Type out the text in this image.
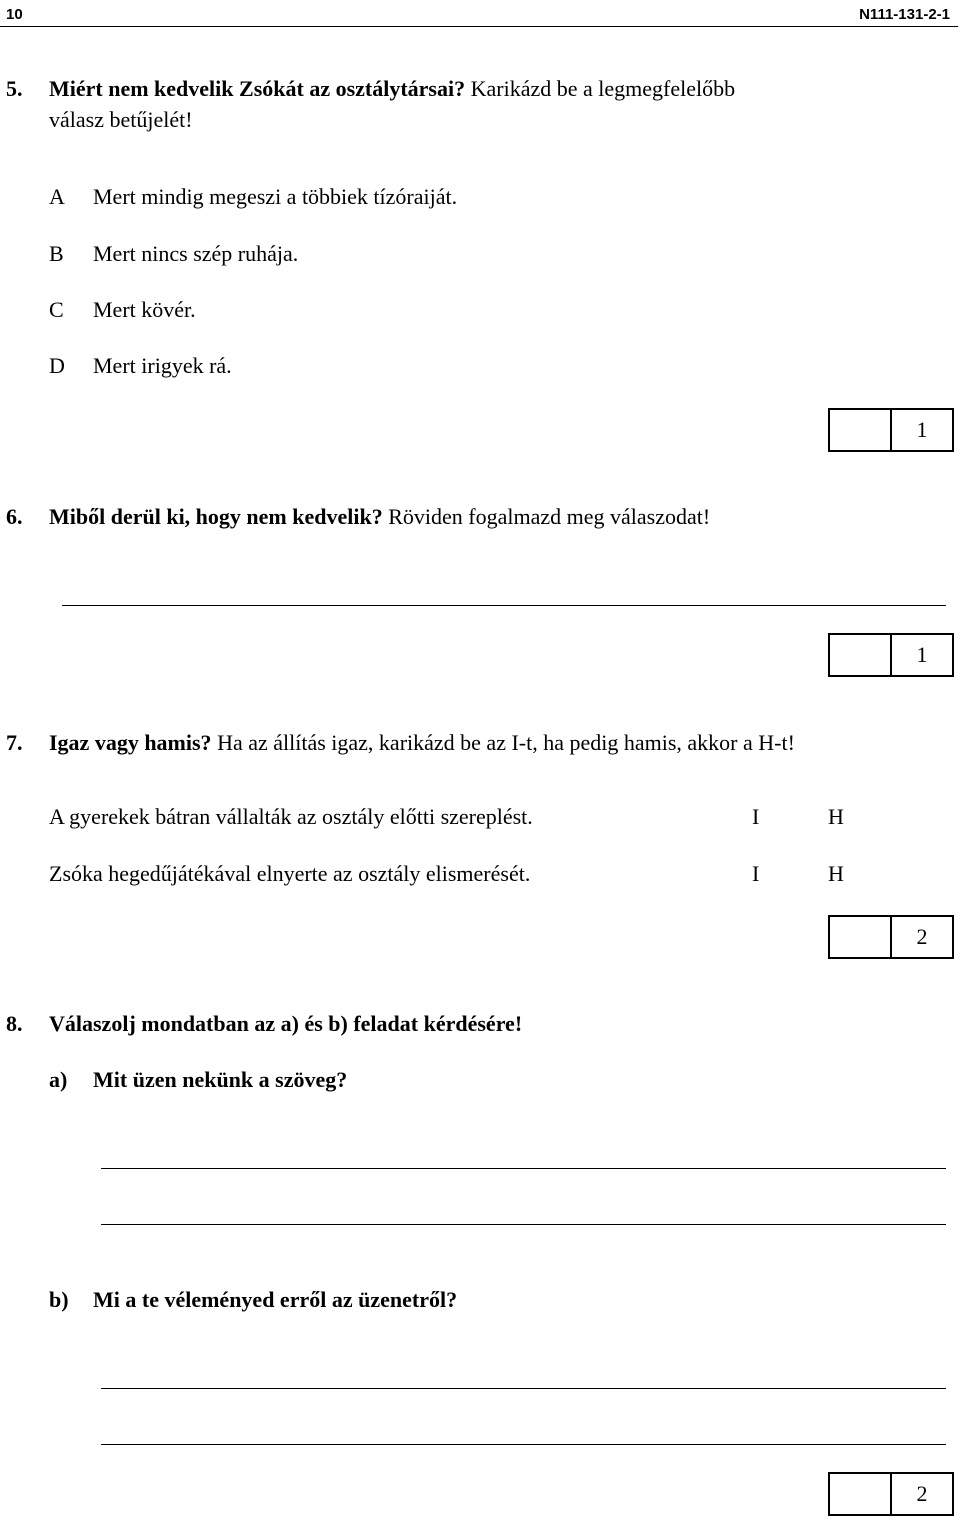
10	N111-131-2-1
5. Miért nem kedvelik Zsókát az osztálytársai? Karikázd be a legmegfelelőbb
válasz betűjelét!
A Mert mindig megeszi a többiek tízóraiját.
B Mert nincs szép ruhája.
C Mert kövér.
D Mert irigyek rá.
1
6. Miből derül ki, hogy nem kedvelik? Röviden fogalmazd meg válaszodat!
1
7. Igaz vagy hamis? Ha az állítás igaz, karikázd be az I-t, ha pedig hamis, akkor a H-t!
A gyerekek bátran vállalták az osztály előtti szereplést.	I	H
Zsóka hegedűjátékával elnyerte az osztály elismerését.	I	H
2
8. Válaszolj mondatban az a) és b) feladat kérdésére!
a) Mit üzen nekünk a szöveg?
b) Mi a te véleményed erről az üzenetről?
2
